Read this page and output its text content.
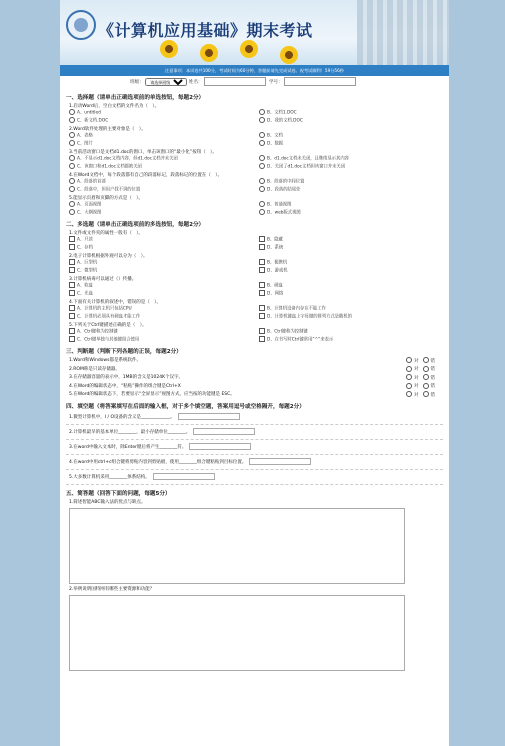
《计算机应用基础》期末考试
注意事项：本试卷共100分，考试时间为60分钟，答题前请先完成试卷。祝考试顺利！59分56秒
班级：
请选择班级	姓名：	学号：
一、选择题（请单击正确选项前的单选按钮，每题2分）
1.启动Word后，空白文档的文件名为（　）。
A、untitled	B、文档1.DOC
C、新文档.DOC	D、我的文档.DOC
2.Word软件处理的主要对象是（　）。
A、表格	B、文档
C、图片	D、数据
3.当前活动窗口是文档d1.doc的窗口，单击该窗口的“最小化”按钮（　）。
A、不显示d1.doc文档内容，但d1.doc文档并未关闭	B、d1.doc文档未关闭，且继续显示其内容
C、该窗口和d1.doc文档都被关闭	D、关闭了d1.doc文档但该窗口并未关闭
4.在Word文档中，每个段落都有自己的段落标记，段落标记的位置在（　）。
A、段落的首部	B、段落的中间位置
C、段落中，但用户找不到的位置	D、段落的结尾处
5.能显示页眉和页脚的方式是（　）。
A、页面视图	B、普通视图
C、大纲视图	D、web版式视图
二、多选题（请单击正确选项前的多选按钮，每题2分）
1.文件或文件夹的属性一般有（　）。
A、只读	B、隐藏
C、存档	D、系统
2.电子计算机根据外观可以分为（　）。
A、巨型机	B、便携机
C、微型机	D、游戏机
3.计算机病毒可以通过（）传播。
A、软盘	B、硬盘
C、光盘	D、网络
4.下面有关计算机的叙述中，错误的是（　）。
A、计算机的主机只包括CPU	B、计算机设备内存在不能工作
C、计算机必须具有硬盘才能工作	D、计算机键盘上字母键的排列方式是随机的
5.下列关于Ctrl键描述正确的是（　）。
A、Ctrl键称为控制键	B、Ctrl键称为控制键
C、Ctrl键单独与其他键组合使用	D、在书写时Ctrl键常用“^”来表示
三、判断题（判断下列各题的正误，每题2分）
1.Word和Windows都是系统软件。	对	错
2.ROM称是只读存储器。	对	错
3.在存储器容量的表示中，1MB的含义是1024K个汉字。	对	错
4.在Word的编辑状态中，“粘贴”操作的组合键是Ctrl+X	对	错
5.在Word的编辑状态下，若要显示“全屏显示”视图方式，应当按的功能键是 ESC。	对	错
四、填空题（将答案填写在后面的输入框，对于多个填空题，答案用逗号或空格隔开，每题2分）
1.微型计算机中，I / O设备的含义是_____________。
2.计算机最早的基本单位________，最小存储单位________。
3.在word中输入文本时，除Enter键后将产生________符。
4.在word中用ctrl+c组合键将剪贴内容到剪贴板，使用________组合键粘贴到目标位置。
5.大多数计算机采用________体系结构。
五、简答题（回答下面的问题，每题5分）
1.简述智能ABC输入法的优点与缺点。
2.举例说明国特网有哪些主要资源和功能？
